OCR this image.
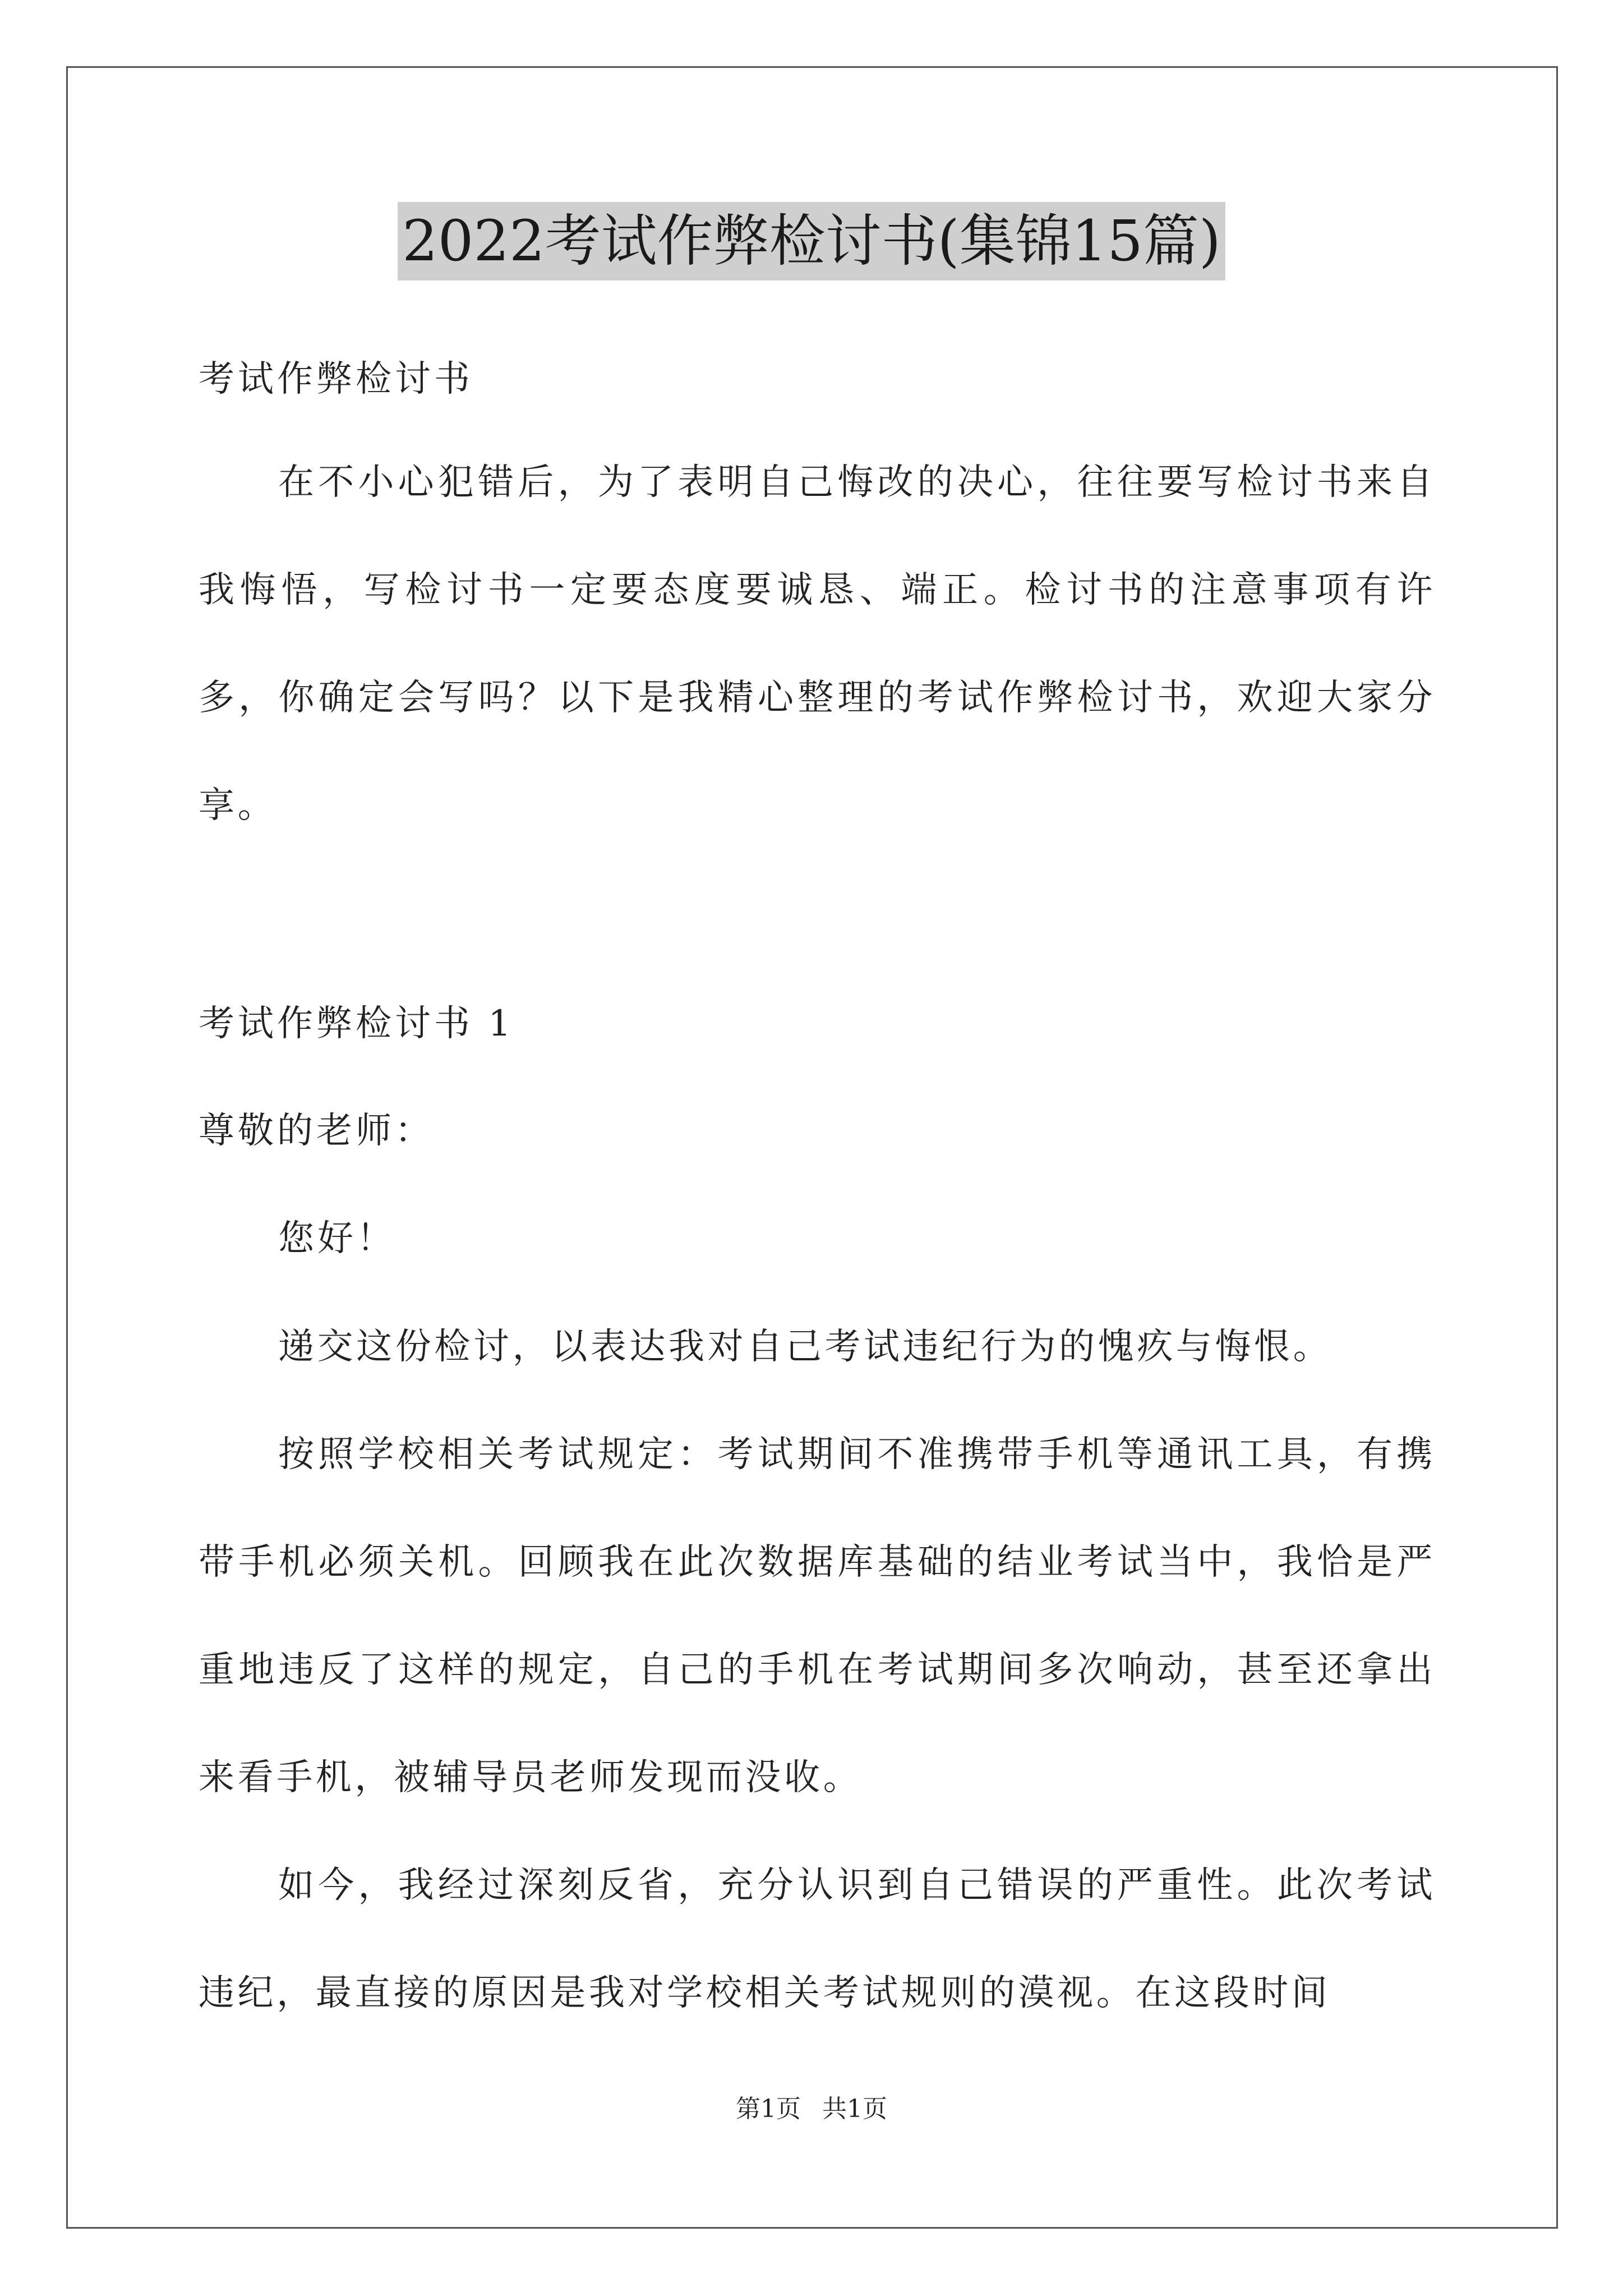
2022考试作弊检讨书(集锦15篇)
考试作弊检讨书
在不小心犯错后，为了表明自己悔改的决心，往往要写检讨书来自我悔悟，写检讨书一定要态度要诚恳、端正。检讨书的注意事项有许多，你确定会写吗？以下是我精心整理的考试作弊检讨书，欢迎大家分享。
考试作弊检讨书 1
尊敬的老师：
您好！
递交这份检讨，以表达我对自己考试违纪行为的愧疚与悔恨。
按照学校相关考试规定：考试期间不准携带手机等通讯工具，有携带手机必须关机。回顾我在此次数据库基础的结业考试当中，我恰是严重地违反了这样的规定，自己的手机在考试期间多次响动，甚至还拿出来看手机，被辅导员老师发现而没收。
如今，我经过深刻反省，充分认识到自己错误的严重性。此次考试违纪，最直接的原因是我对学校相关考试规则的漠视。在这段时间
第1页 共1页
